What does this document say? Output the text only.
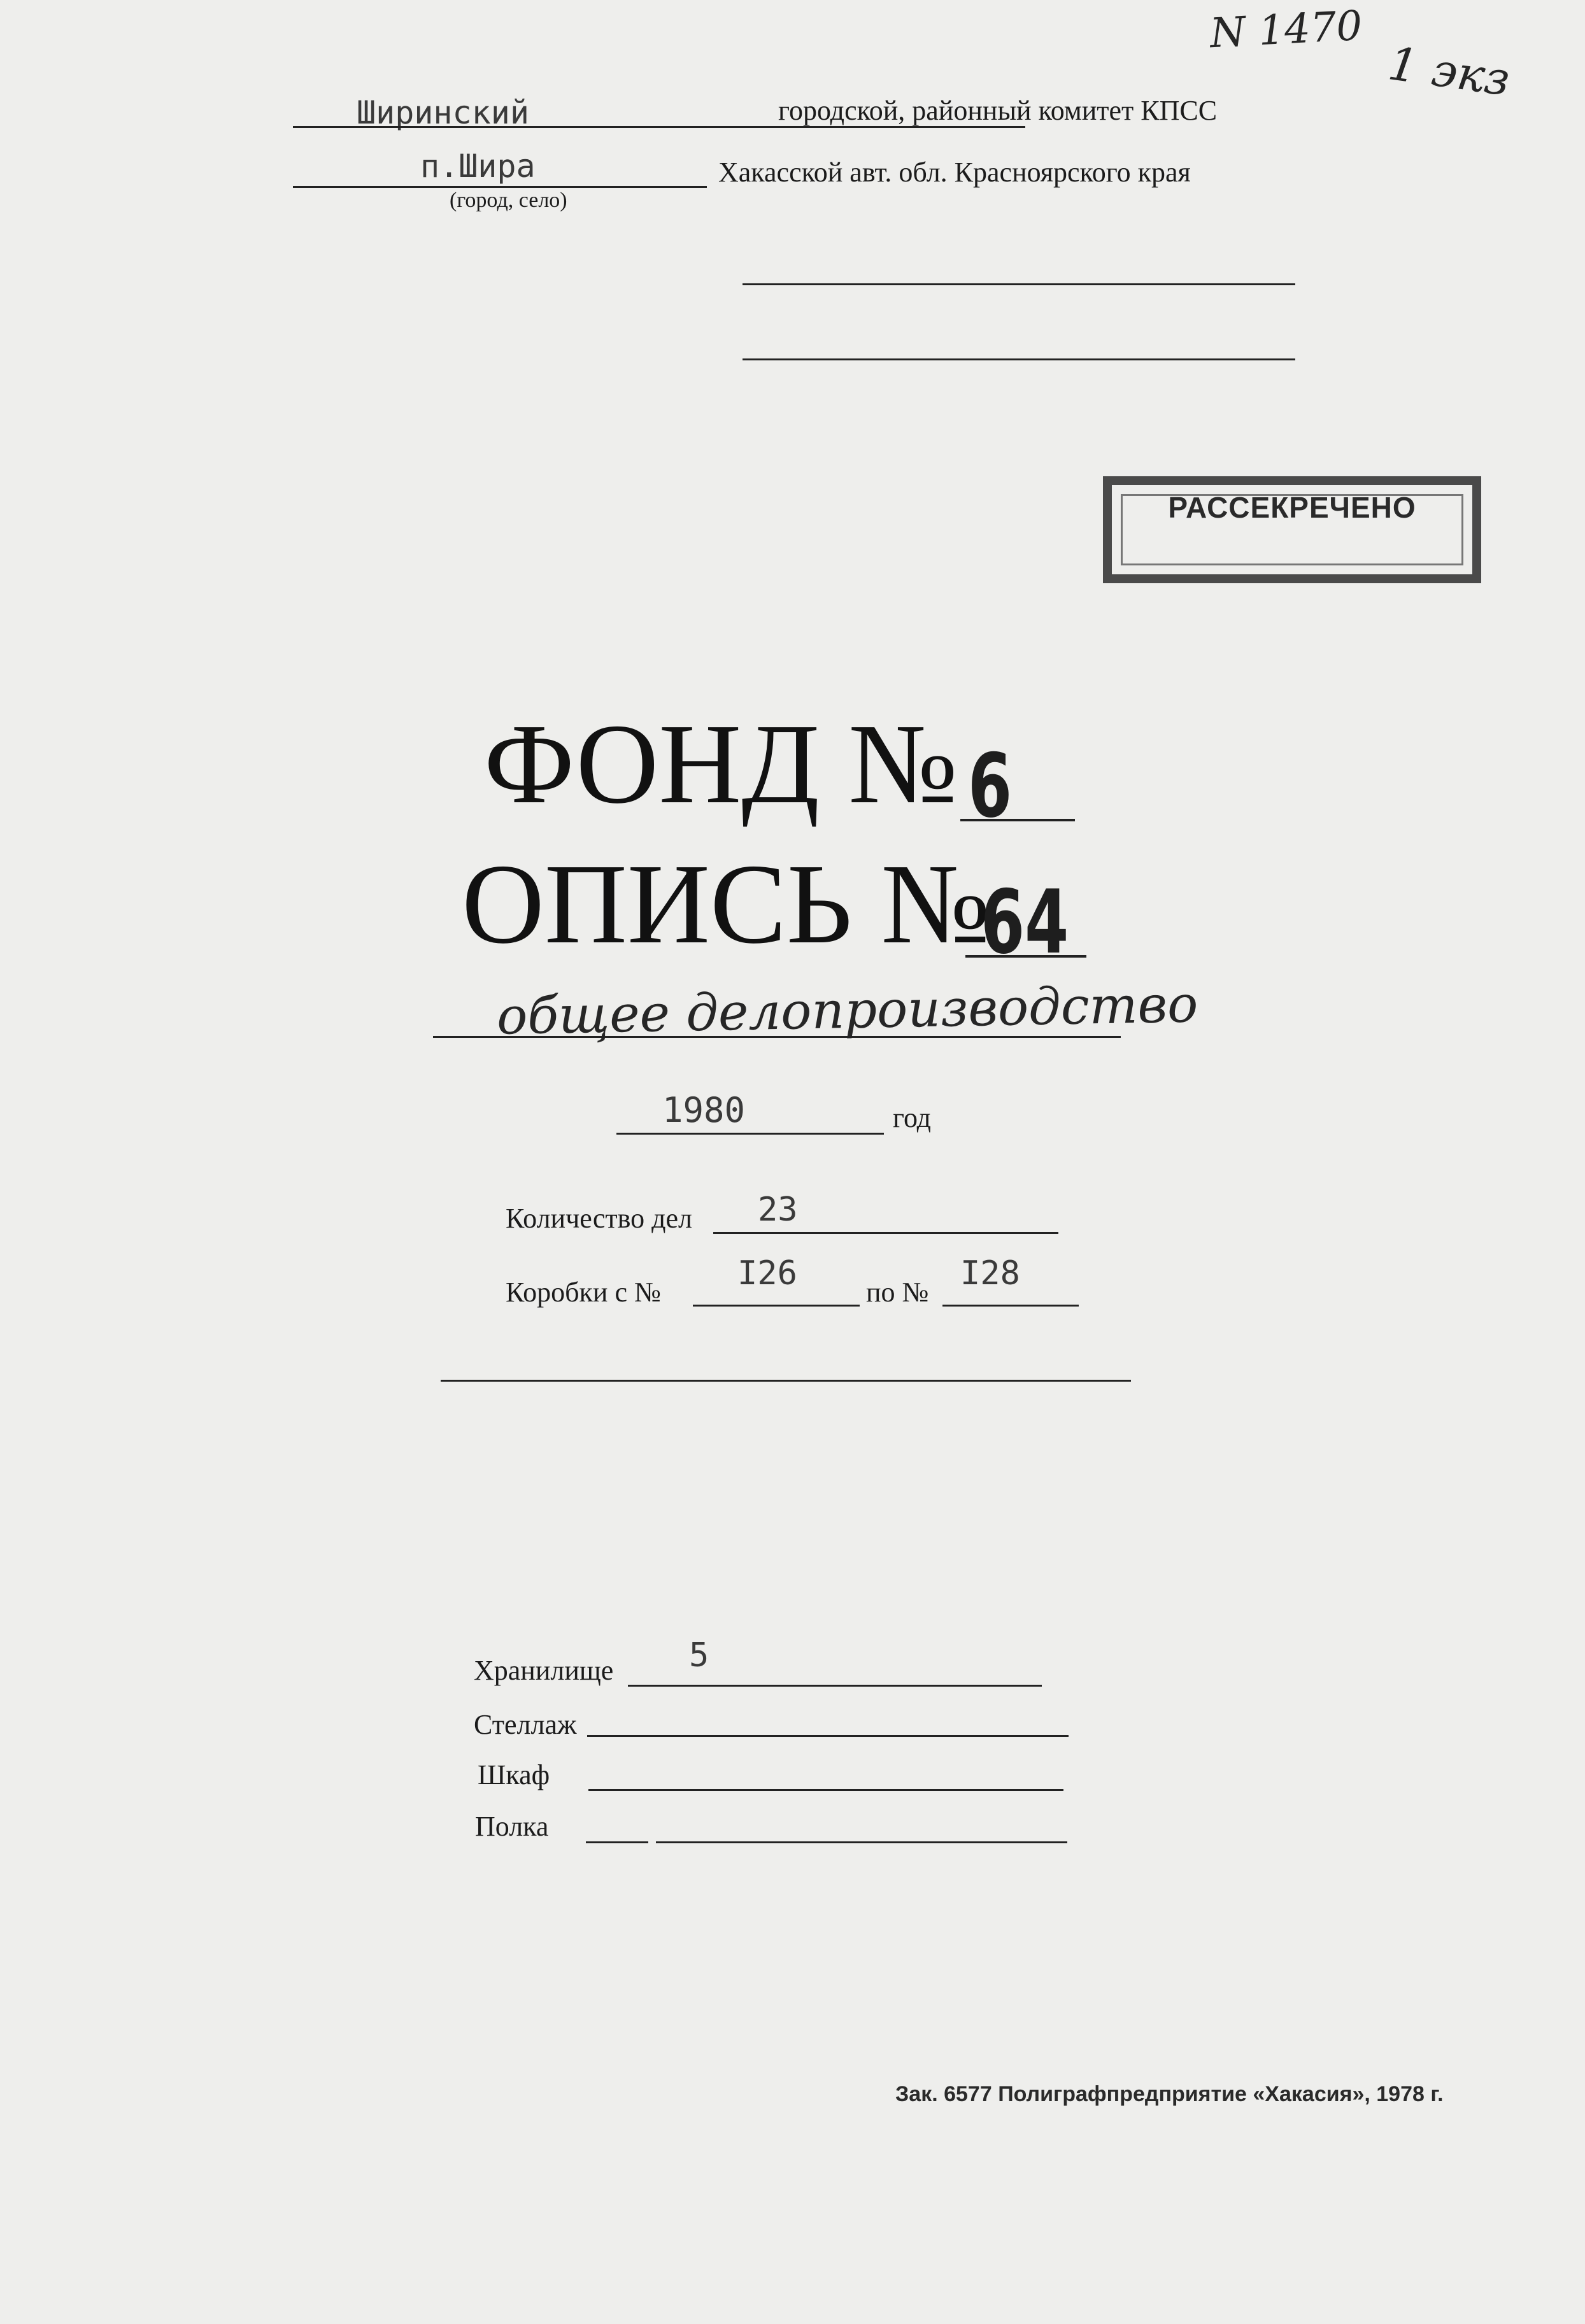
N 1470
1 экз
Ширинский	городской, районный комитет КПСС
п.Шира
(город, село)
Хакасской авт. обл. Красноярского края
РАССЕКРЕЧЕНО
ФОНД № 6
ОПИСЬ №
64
общее делопроизводство
1980	год
Количество дел 23
Коробки с № I26 по № I28
Хранилище 5
Стеллаж
Шкаф
Полка
Зак. 6577 Полиграфпредприятие «Хакасия», 1978 г.
